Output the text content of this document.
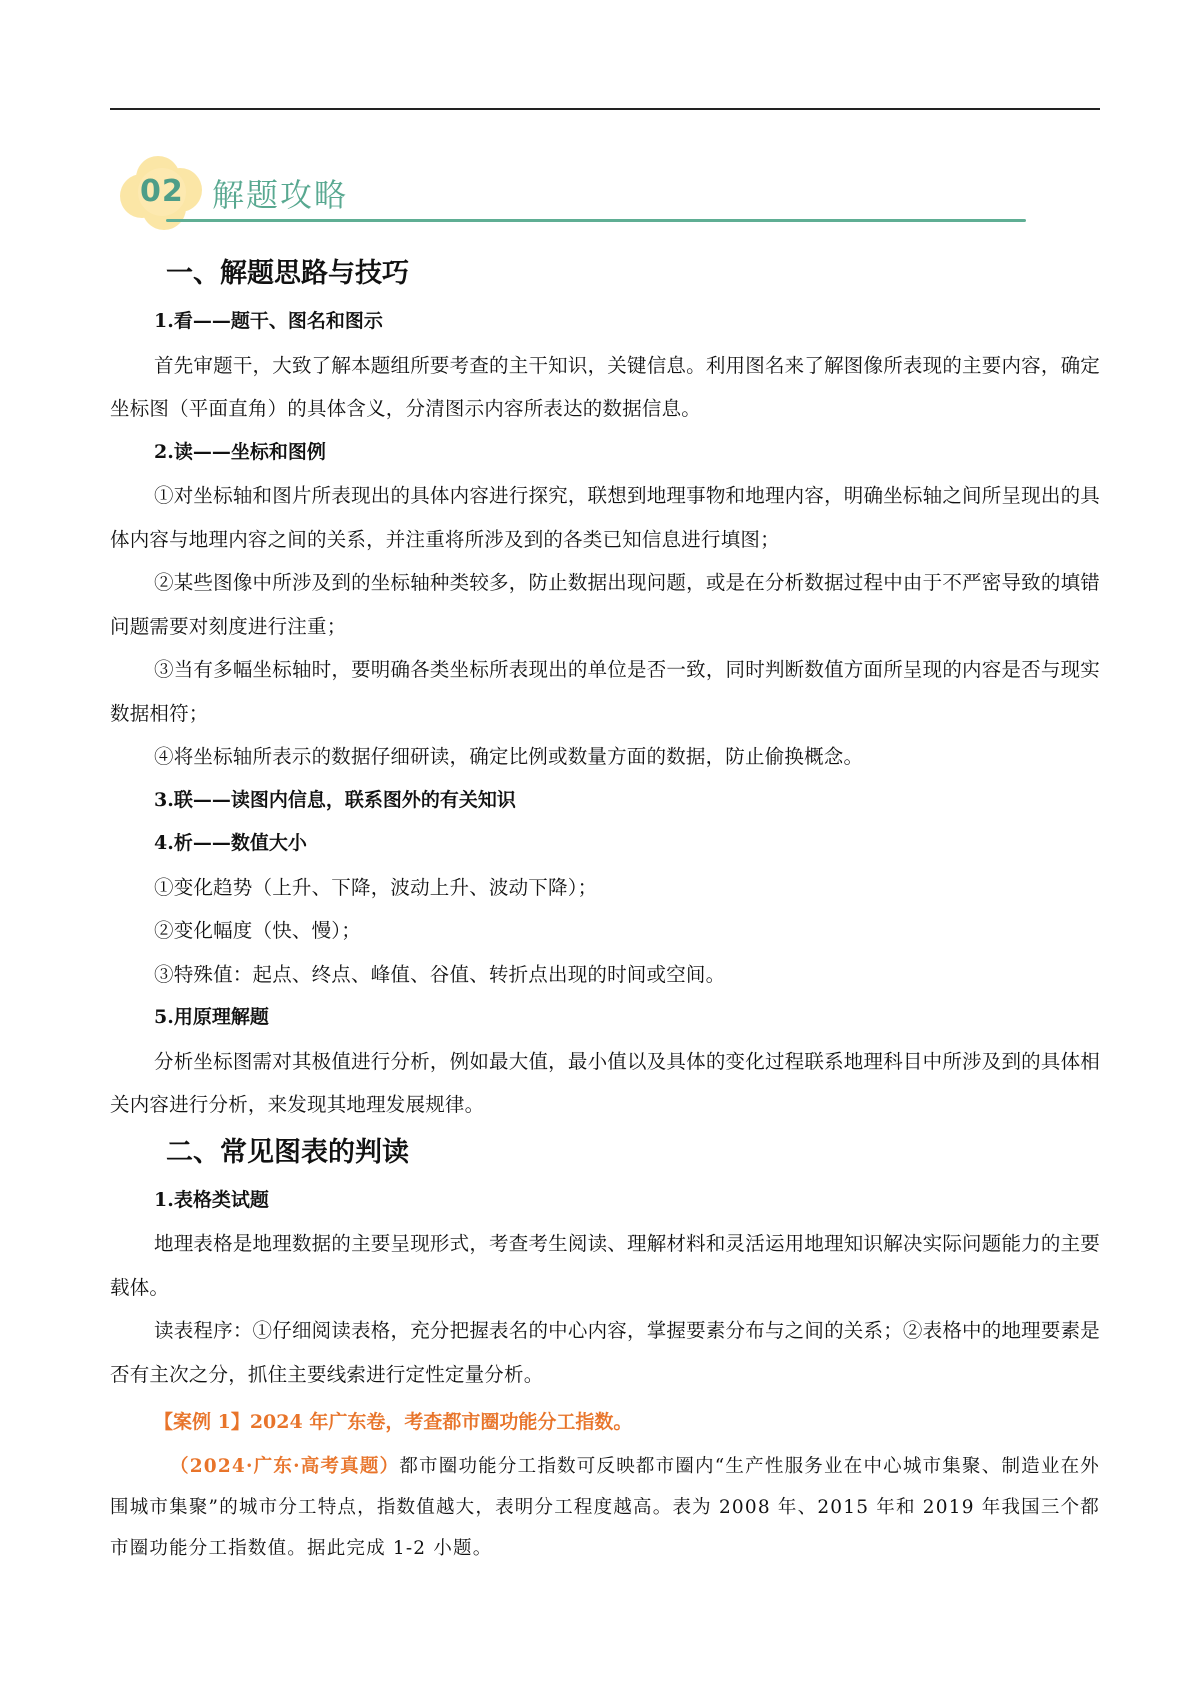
02 解题攻略
一、解题思路与技巧
1.看——题干、图名和图示
首先审题干，大致了解本题组所要考查的主干知识，关键信息。利用图名来了解图像所表现的主要内容，确定坐标图（平面直角）的具体含义，分清图示内容所表达的数据信息。
2.读——坐标和图例
①对坐标轴和图片所表现出的具体内容进行探究，联想到地理事物和地理内容，明确坐标轴之间所呈现出的具体内容与地理内容之间的关系，并注重将所涉及到的各类已知信息进行填图；
②某些图像中所涉及到的坐标轴种类较多，防止数据出现问题，或是在分析数据过程中由于不严密导致的填错问题需要对刻度进行注重；
③当有多幅坐标轴时，要明确各类坐标所表现出的单位是否一致，同时判断数值方面所呈现的内容是否与现实数据相符；
④将坐标轴所表示的数据仔细研读，确定比例或数量方面的数据，防止偷换概念。
3.联——读图内信息，联系图外的有关知识
4.析——数值大小
①变化趋势（上升、下降，波动上升、波动下降）；
②变化幅度（快、慢）；
③特殊值：起点、终点、峰值、谷值、转折点出现的时间或空间。
5.用原理解题
分析坐标图需对其极值进行分析，例如最大值，最小值以及具体的变化过程联系地理科目中所涉及到的具体相关内容进行分析，来发现其地理发展规律。
二、常见图表的判读
1.表格类试题
地理表格是地理数据的主要呈现形式，考查考生阅读、理解材料和灵活运用地理知识解决实际问题能力的主要载体。
读表程序：①仔细阅读表格，充分把握表名的中心内容，掌握要素分布与之间的关系；②表格中的地理要素是否有主次之分，抓住主要线索进行定性定量分析。
【案例 1】2024 年广东卷，考查都市圈功能分工指数。
（2024·广东·高考真题）都市圈功能分工指数可反映都市圈内“生产性服务业在中心城市集聚、制造业在外围城市集聚”的城市分工特点，指数值越大，表明分工程度越高。表为 2008 年、2015 年和 2019 年我国三个都市圈功能分工指数值。据此完成 1-2 小题。
